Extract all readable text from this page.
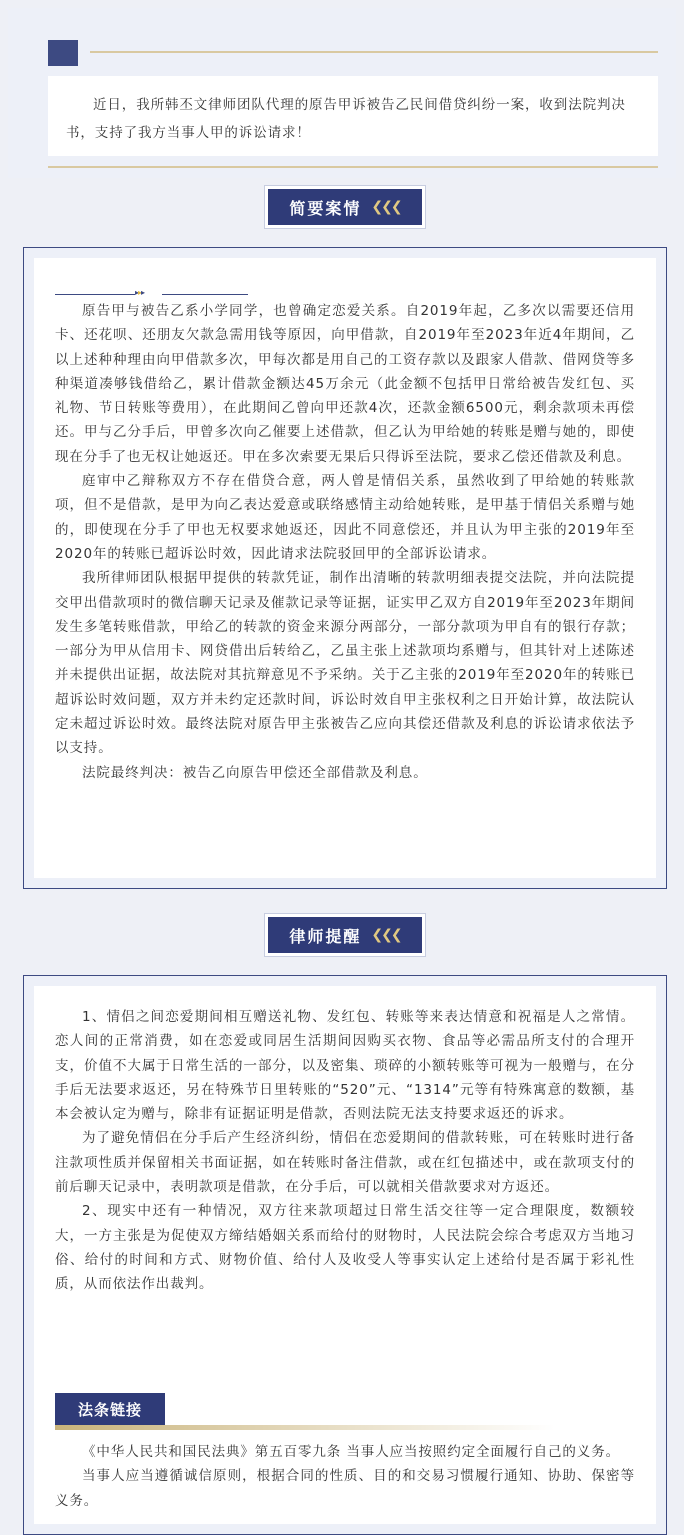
近日，我所韩丕文律师团队代理的原告甲诉被告乙民间借贷纠纷一案，收到法院判决书，支持了我方当事人甲的诉讼请求！

简要案情 ❮❮❮
▸▸▸

原告甲与被告乙系小学同学，也曾确定恋爱关系。自2019年起，乙多次以需要还信用卡、还花呗、还朋友欠款急需用钱等原因，向甲借款，自2019年至2023年近4年期间，乙以上述种种理由向甲借款多次，甲每次都是用自己的工资存款以及跟家人借款、借网贷等多种渠道凑够钱借给乙，累计借款金额达45万余元（此金额不包括甲日常给被告发红包、买礼物、节日转账等费用），在此期间乙曾向甲还款4次，还款金额6500元，剩余款项未再偿还。甲与乙分手后，甲曾多次向乙催要上述借款，但乙认为甲给她的转账是赠与她的，即使现在分手了也无权让她返还。甲在多次索要无果后只得诉至法院，要求乙偿还借款及利息。

庭审中乙辩称双方不存在借贷合意，两人曾是情侣关系，虽然收到了甲给她的转账款项，但不是借款，是甲为向乙表达爱意或联络感情主动给她转账，是甲基于情侣关系赠与她的，即使现在分手了甲也无权要求她返还，因此不同意偿还，并且认为甲主张的2019年至2020年的转账已超诉讼时效，因此请求法院驳回甲的全部诉讼请求。

我所律师团队根据甲提供的转款凭证，制作出清晰的转款明细表提交法院，并向法院提交甲出借款项时的微信聊天记录及催款记录等证据，证实甲乙双方自2019年至2023年期间发生多笔转账借款，甲给乙的转款的资金来源分两部分，一部分款项为甲自有的银行存款；一部分为甲从信用卡、网贷借出后转给乙，乙虽主张上述款项均系赠与，但其针对上述陈述并未提供出证据，故法院对其抗辩意见不予采纳。关于乙主张的2019年至2020年的转账已超诉讼时效问题，双方并未约定还款时间，诉讼时效自甲主张权利之日开始计算，故法院认定未超过诉讼时效。最终法院对原告甲主张被告乙应向其偿还借款及利息的诉讼请求依法予以支持。

法院最终判决：被告乙向原告甲偿还全部借款及利息。

律师提醒 ❮❮❮

1、情侣之间恋爱期间相互赠送礼物、发红包、转账等来表达情意和祝福是人之常情。恋人间的正常消费，如在恋爱或同居生活期间因购买衣物、食品等必需品所支付的合理开支，价值不大属于日常生活的一部分，以及密集、琐碎的小额转账等可视为一般赠与，在分手后无法要求返还，另在特殊节日里转账的“520”元、“1314”元等有特殊寓意的数额，基本会被认定为赠与，除非有证据证明是借款，否则法院无法支持要求返还的诉求。

为了避免情侣在分手后产生经济纠纷，情侣在恋爱期间的借款转账，可在转账时进行备注款项性质并保留相关书面证据，如在转账时备注借款，或在红包描述中，或在款项支付的前后聊天记录中，表明款项是借款，在分手后，可以就相关借款要求对方返还。

2、现实中还有一种情况，双方往来款项超过日常生活交往等一定合理限度，数额较大，一方主张是为促使双方缔结婚姻关系而给付的财物时，人民法院会综合考虑双方当地习俗、给付的时间和方式、财物价值、给付人及收受人等事实认定上述给付是否属于彩礼性质，从而依法作出裁判。

法条链接

《中华人民共和国民法典》第五百零九条 当事人应当按照约定全面履行自己的义务。

当事人应当遵循诚信原则，根据合同的性质、目的和交易习惯履行通知、协助、保密等义务。
